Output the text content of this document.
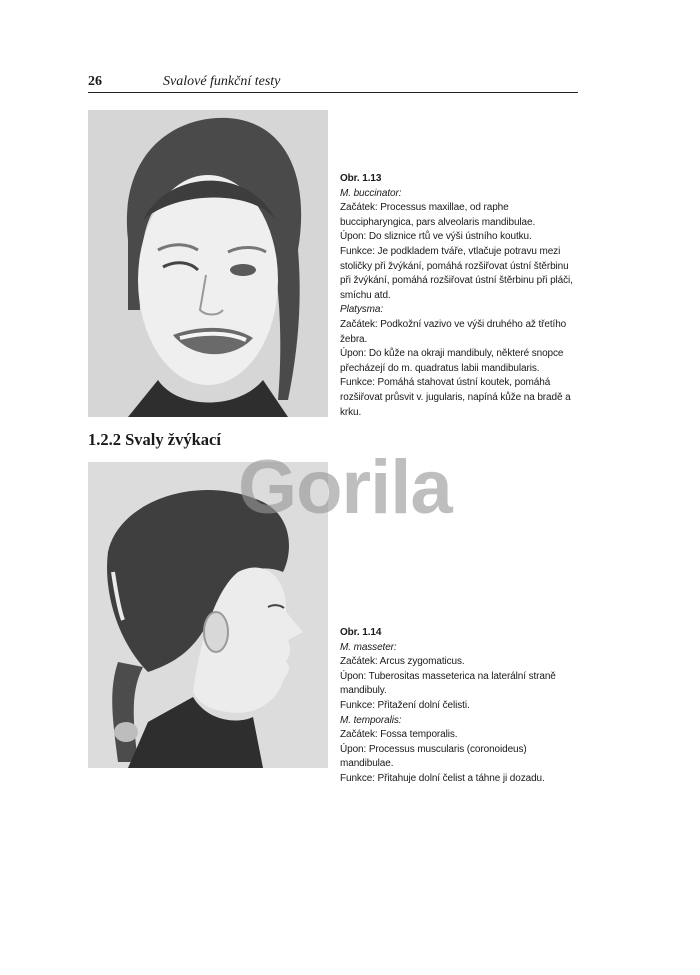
26	Svalové funkční testy

Obr. 1.13

M. buccinator:

Začátek: Processus maxillae, od raphe buccipharyngica, pars alveolaris mandibulae.

Úpon: Do sliznice rtů ve výši ústního koutku.

Funkce: Je podkladem tváře, vtlačuje potravu mezi stoličky při žvýkání, pomáhá rozšiřovat ústní štěrbinu při žvýkání, pomáhá rozšiřovat ústní štěrbinu při pláči, smíchu atd.

Platysma:

Začátek: Podkožní vazivo ve výši druhého až třetího žebra.

Úpon: Do kůže na okraji mandibuly, některé snopce přecházejí do m. quadratus labii mandibularis.

Funkce: Pomáhá stahovat ústní koutek, pomáhá rozšiřovat průsvit v. jugularis, napíná kůže na bradě a krku.

1.2.2 Svaly žvýkací
Gorila

Obr. 1.14

M. masseter:

Začátek: Arcus zygomaticus.

Úpon: Tuberositas masseterica na laterální straně mandibuly.

Funkce: Přitažení dolní čelisti.

M. temporalis:

Začátek: Fossa temporalis.

Úpon: Processus muscularis (coronoideus) mandibulae.

Funkce: Přitahuje dolní čelist a táhne ji dozadu.
